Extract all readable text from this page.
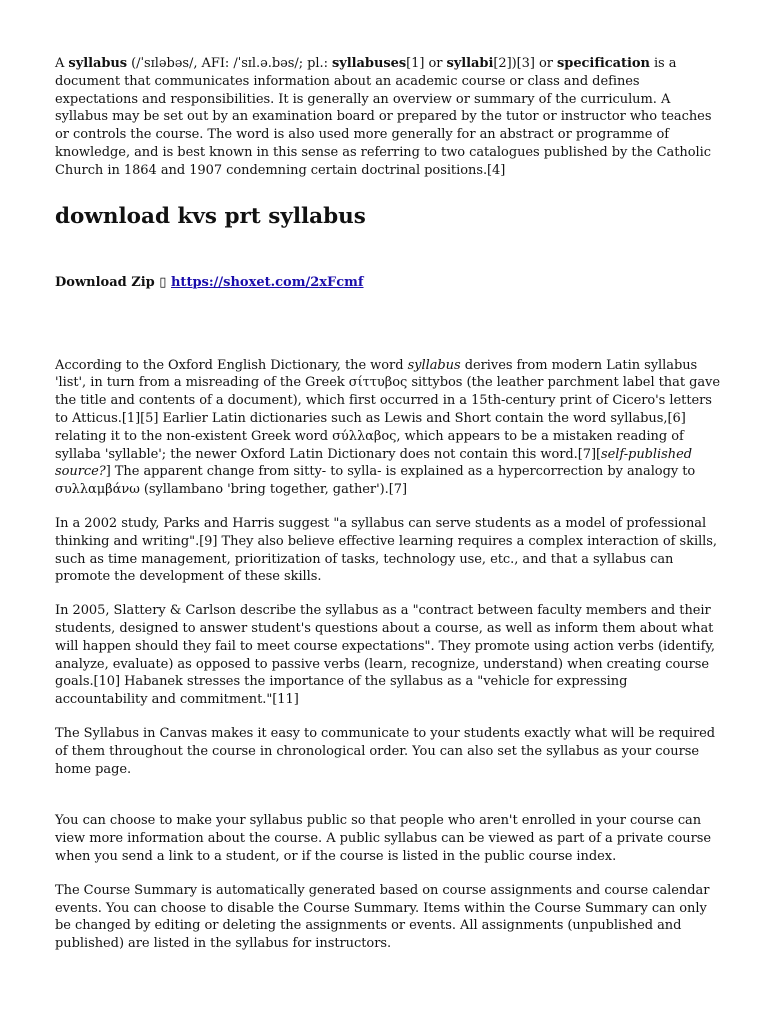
A syllabus (/ˈsɪləbəs/, AFI: /ˈsɪl.ə.bəs/; pl.: syllabuses[1] or syllabi[2])[3] or specification is a document that communicates information about an academic course or class and defines expectations and responsibilities. It is generally an overview or summary of the curriculum. A syllabus may be set out by an examination board or prepared by the tutor or instructor who teaches or controls the course. The word is also used more generally for an abstract or programme of knowledge, and is best known in this sense as referring to two catalogues published by the Catholic Church in 1864 and 1907 condemning certain doctrinal positions.[4]

download kvs prt syllabus
Download Zip ▯ https://shoxet.com/2xFcmf

According to the Oxford English Dictionary, the word syllabus derives from modern Latin syllabus 'list', in turn from a misreading of the Greek σίττυβος sittybos (the leather parchment label that gave the title and contents of a document), which first occurred in a 15th-century print of Cicero's letters to Atticus.[1][5] Earlier Latin dictionaries such as Lewis and Short contain the word syllabus,[6] relating it to the non-existent Greek word σύλλαβος, which appears to be a mistaken reading of syllaba 'syllable'; the newer Oxford Latin Dictionary does not contain this word.[7][self-published source?] The apparent change from sitty- to sylla- is explained as a hypercorrection by analogy to συλλαμβάνω (syllambano 'bring together, gather').[7]

In a 2002 study, Parks and Harris suggest "a syllabus can serve students as a model of professional thinking and writing".[9] They also believe effective learning requires a complex interaction of skills, such as time management, prioritization of tasks, technology use, etc., and that a syllabus can promote the development of these skills.

In 2005, Slattery & Carlson describe the syllabus as a "contract between faculty members and their students, designed to answer student's questions about a course, as well as inform them about what will happen should they fail to meet course expectations". They promote using action verbs (identify, analyze, evaluate) as opposed to passive verbs (learn, recognize, understand) when creating course goals.[10] Habanek stresses the importance of the syllabus as a "vehicle for expressing accountability and commitment."[11]

The Syllabus in Canvas makes it easy to communicate to your students exactly what will be required of them throughout the course in chronological order. You can also set the syllabus as your course home page.

You can choose to make your syllabus public so that people who aren't enrolled in your course can view more information about the course. A public syllabus can be viewed as part of a private course when you send a link to a student, or if the course is listed in the public course index.

The Course Summary is automatically generated based on course assignments and course calendar events. You can choose to disable the Course Summary. Items within the Course Summary can only be changed by editing or deleting the assignments or events. All assignments (unpublished and published) are listed in the syllabus for instructors.
